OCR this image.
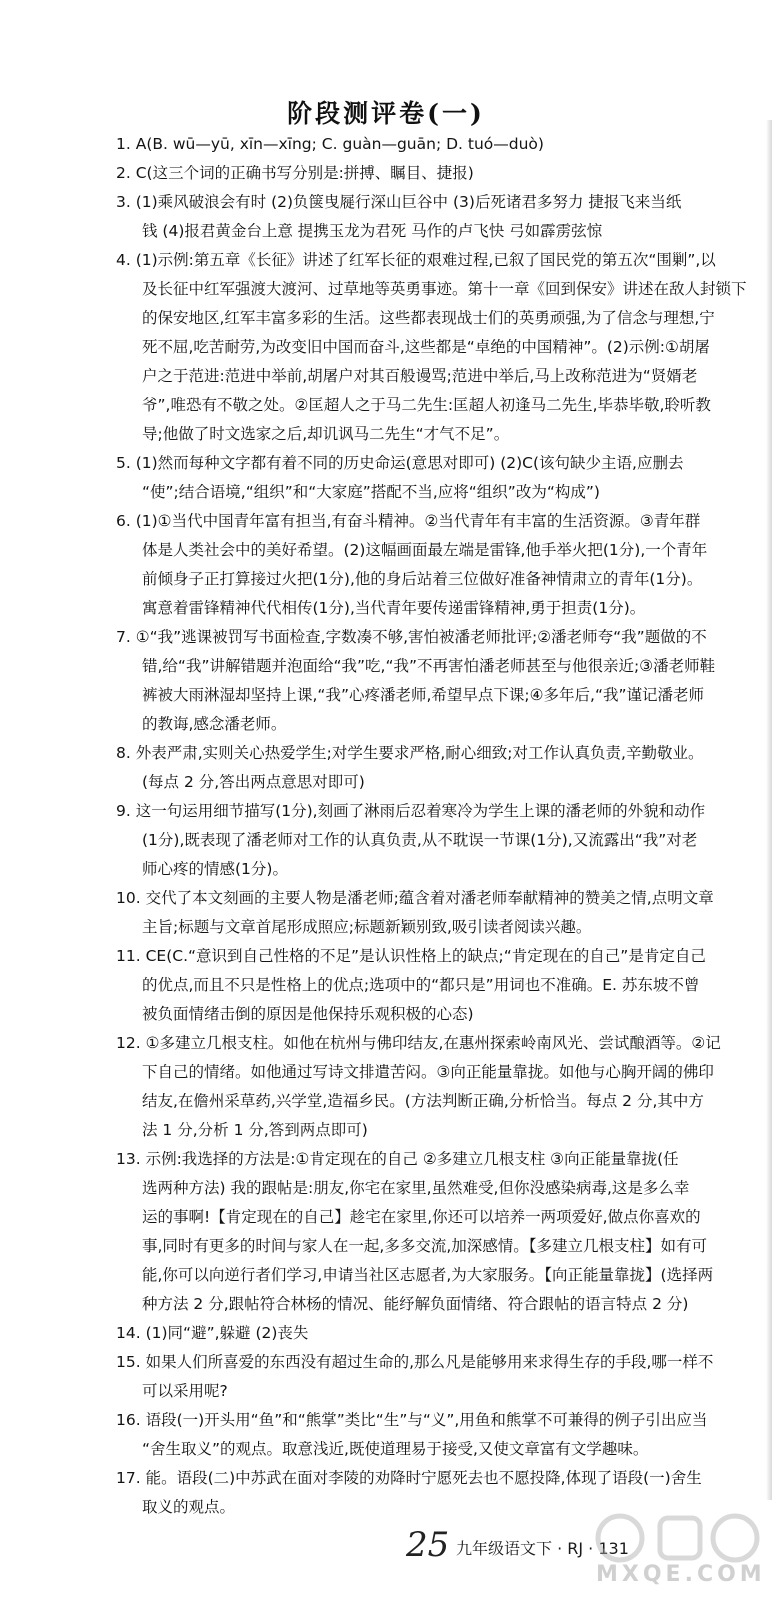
阶段测评卷(一)
1. A(B. wū—yū, xīn—xīng; C. guàn—guān; D. tuó—duò)
2. C(这三个词的正确书写分别是:拼搏、瞩目、捷报)
3. (1)乘风破浪会有时 (2)负箧曳屣行深山巨谷中 (3)后死诸君多努力 捷报飞来当纸
钱 (4)报君黄金台上意 提携玉龙为君死 马作的卢飞快 弓如霹雳弦惊
4. (1)示例:第五章《长征》讲述了红军长征的艰难过程,已叙了国民党的第五次“围剿”,以
及长征中红军强渡大渡河、过草地等英勇事迹。第十一章《回到保安》讲述在敌人封锁下
的保安地区,红军丰富多彩的生活。这些都表现战士们的英勇顽强,为了信念与理想,宁
死不屈,吃苦耐劳,为改变旧中国而奋斗,这些都是“卓绝的中国精神”。(2)示例:①胡屠
户之于范进:范进中举前,胡屠户对其百般谩骂;范进中举后,马上改称范进为“贤婿老
爷”,唯恐有不敬之处。②匡超人之于马二先生:匡超人初逢马二先生,毕恭毕敬,聆听教
导;他做了时文选家之后,却讥讽马二先生“才气不足”。
5. (1)然而每种文字都有着不同的历史命运(意思对即可) (2)C(该句缺少主语,应删去
“使”;结合语境,“组织”和“大家庭”搭配不当,应将“组织”改为“构成”)
6. (1)①当代中国青年富有担当,有奋斗精神。②当代青年有丰富的生活资源。③青年群
体是人类社会中的美好希望。(2)这幅画面最左端是雷锋,他手举火把(1分),一个青年
前倾身子正打算接过火把(1分),他的身后站着三位做好准备神情肃立的青年(1分)。
寓意着雷锋精神代代相传(1分),当代青年要传递雷锋精神,勇于担责(1分)。
7. ①“我”逃课被罚写书面检查,字数凑不够,害怕被潘老师批评;②潘老师夸“我”题做的不
错,给“我”讲解错题并泡面给“我”吃,“我”不再害怕潘老师甚至与他很亲近;③潘老师鞋
裤被大雨淋湿却坚持上课,“我”心疼潘老师,希望早点下课;④多年后,“我”谨记潘老师
的教诲,感念潘老师。
8. 外表严肃,实则关心热爱学生;对学生要求严格,耐心细致;对工作认真负责,辛勤敬业。
(每点 2 分,答出两点意思对即可)
9. 这一句运用细节描写(1分),刻画了淋雨后忍着寒冷为学生上课的潘老师的外貌和动作
(1分),既表现了潘老师对工作的认真负责,从不耽误一节课(1分),又流露出“我”对老
师心疼的情感(1分)。
10. 交代了本文刻画的主要人物是潘老师;蕴含着对潘老师奉献精神的赞美之情,点明文章
主旨;标题与文章首尾形成照应;标题新颖别致,吸引读者阅读兴趣。
11. CE(C.“意识到自己性格的不足”是认识性格上的缺点;“肯定现在的自己”是肯定自己
的优点,而且不只是性格上的优点;选项中的“都只是”用词也不准确。E. 苏东坡不曾
被负面情绪击倒的原因是他保持乐观积极的心态)
12. ①多建立几根支柱。如他在杭州与佛印结友,在惠州探索岭南风光、尝试酿酒等。②记
下自己的情绪。如他通过写诗文排遣苦闷。③向正能量靠拢。如他与心胸开阔的佛印
结友,在儋州采草药,兴学堂,造福乡民。(方法判断正确,分析恰当。每点 2 分,其中方
法 1 分,分析 1 分,答到两点即可)
13. 示例:我选择的方法是:①肯定现在的自己 ②多建立几根支柱 ③向正能量靠拢(任
选两种方法) 我的跟帖是:朋友,你宅在家里,虽然难受,但你没感染病毒,这是多么幸
运的事啊!【肯定现在的自己】趁宅在家里,你还可以培养一两项爱好,做点你喜欢的
事,同时有更多的时间与家人在一起,多多交流,加深感情。【多建立几根支柱】如有可
能,你可以向逆行者们学习,申请当社区志愿者,为大家服务。【向正能量靠拢】(选择两
种方法 2 分,跟帖符合林杨的情况、能纾解负面情绪、符合跟帖的语言特点 2 分)
14. (1)同“避”,躲避 (2)丧失
15. 如果人们所喜爱的东西没有超过生命的,那么凡是能够用来求得生存的手段,哪一样不
可以采用呢?
16. 语段(一)开头用“鱼”和“熊掌”类比“生”与“义”,用鱼和熊掌不可兼得的例子引出应当
“舍生取义”的观点。取意浅近,既使道理易于接受,又使文章富有文学趣味。
17. 能。语段(二)中苏武在面对李陵的劝降时宁愿死去也不愿投降,体现了语段(一)舍生
取义的观点。
25 九年级语文下 · RJ · 131
MXQE.COM
